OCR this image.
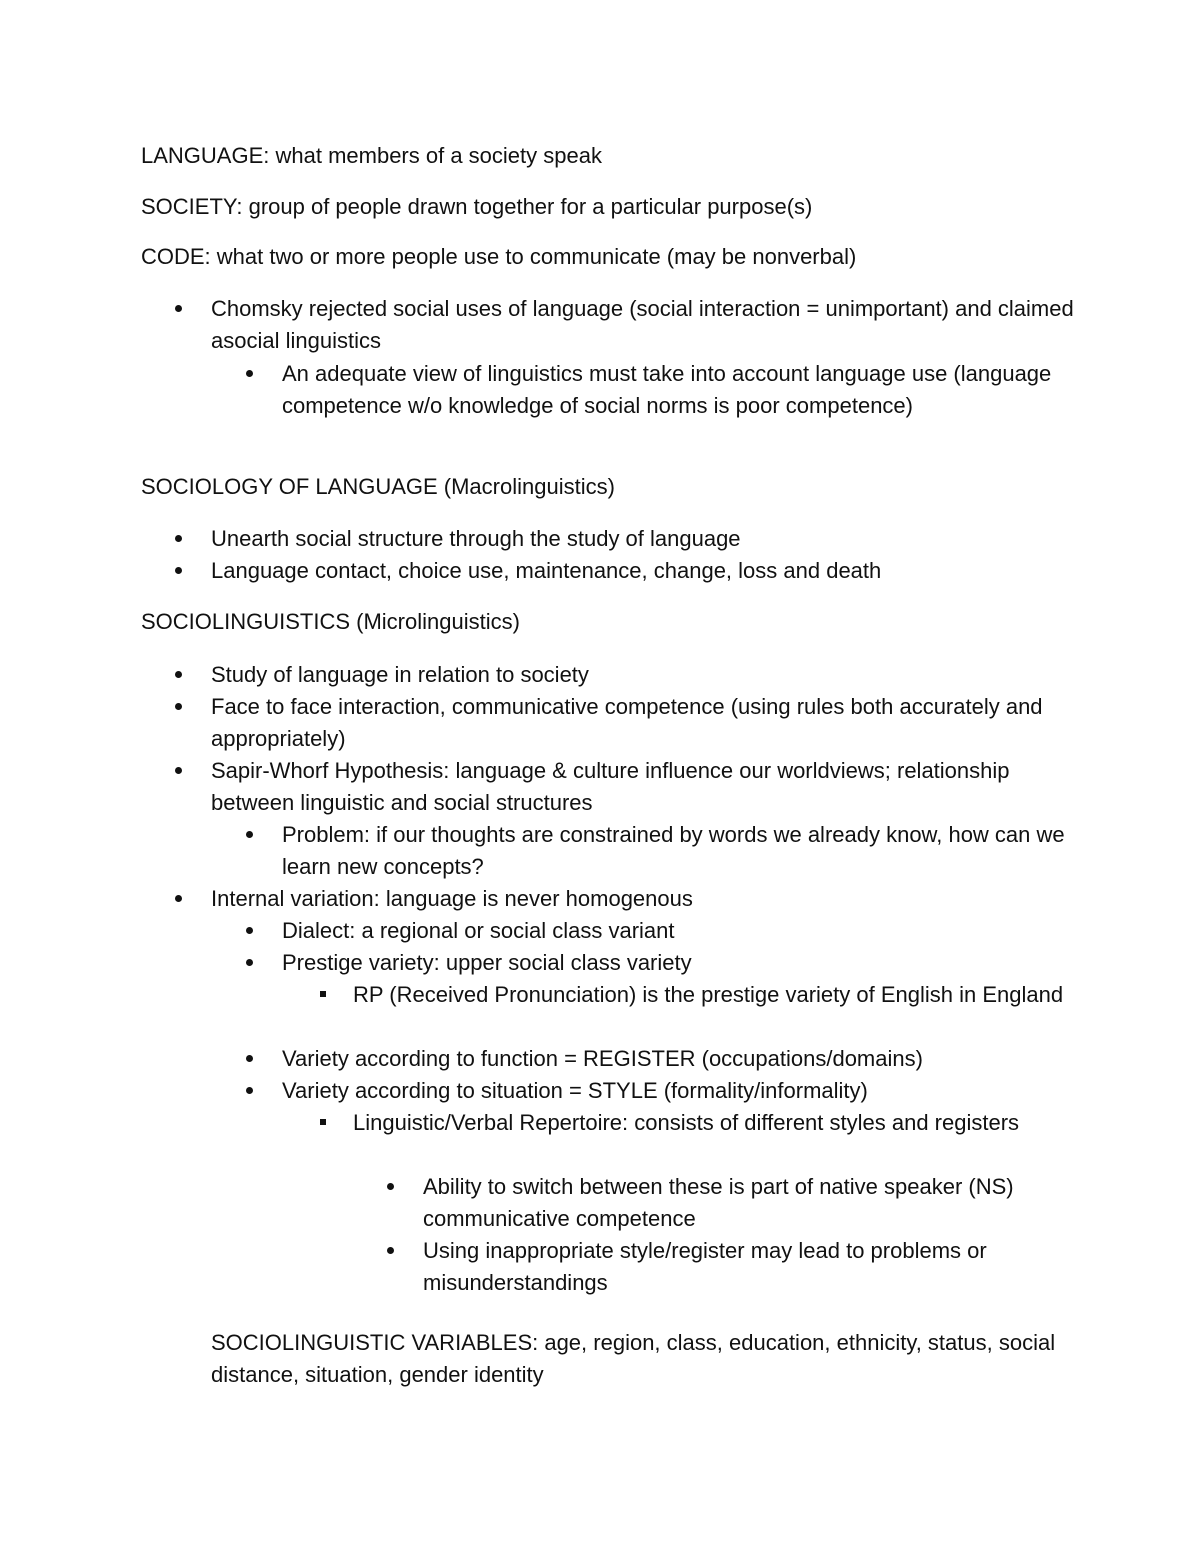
LANGUAGE: what members of a society speak

SOCIETY: group of people drawn together for a particular purpose(s)

CODE: what two or more people use to communicate (may be nonverbal)

Chomsky rejected social uses of language (social interaction = unimportant) and claimed asocial linguistics
An adequate view of linguistics must take into account language use (language competence w/o knowledge of social norms is poor competence)

SOCIOLOGY OF LANGUAGE (Macrolinguistics)

Unearth social structure through the study of language
Language contact, choice use, maintenance, change, loss and death

SOCIOLINGUISTICS (Microlinguistics)

Study of language in relation to society
Face to face interaction, communicative competence (using rules both accurately and appropriately)
Sapir-Whorf Hypothesis: language & culture influence our worldviews; relationship between linguistic and social structures
Problem: if our thoughts are constrained by words we already know, how can we learn new concepts?
Internal variation: language is never homogenous
Dialect: a regional or social class variant
Prestige variety: upper social class variety
RP (Received Pronunciation) is the prestige variety of English in England
Variety according to function = REGISTER (occupations/domains)
Variety according to situation = STYLE (formality/informality)
Linguistic/Verbal Repertoire: consists of different styles and registers
Ability to switch between these is part of native speaker (NS) communicative competence
Using inappropriate style/register may lead to problems or misunderstandings

SOCIOLINGUISTIC VARIABLES: age, region, class, education, ethnicity, status, social distance, situation, gender identity
